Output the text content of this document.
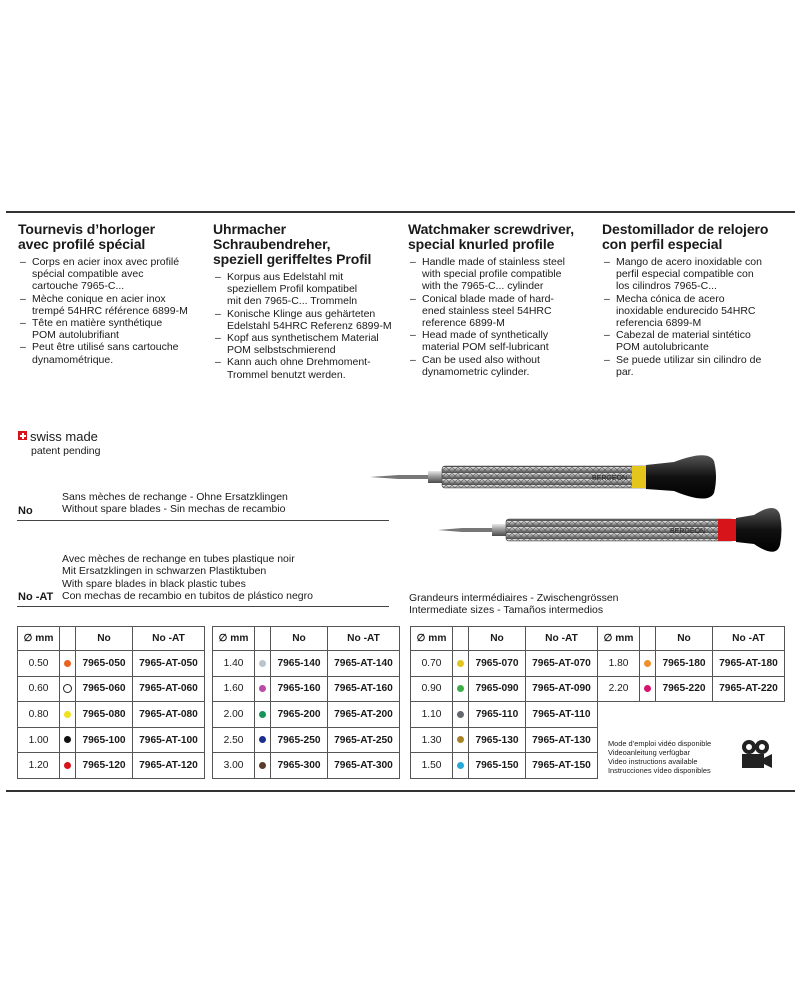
Tournevis d’horloger
avec profilé spécial
– Corps en acier inox avec profilé
spécial compatible avec
cartouche 7965-C...
– Mèche conique en acier inox
trempé 54HRC référence 6899-M
– Tête en matière synthétique
POM autolubrifiant
– Peut être utilisé sans cartouche
dynamométrique.
Uhrmacher
Schraubendreher,
speziell geriffeltes Profil
– Korpus aus Edelstahl mit
speziellem Profil kompatibel
mit den 7965-C... Trommeln
– Konische Klinge aus gehärteten
Edelstahl 54HRC Referenz 6899-M
– Kopf aus synthetischem Material
POM selbstschmierend
– Kann auch ohne Drehmoment-
Trommel benutzt werden.
Watchmaker screwdriver,
special knurled profile
– Handle made of stainless steel
with special profile compatible
with the 7965-C... cylinder
– Conical blade made of hard-
ened stainless steel 54HRC
reference 6899-M
– Head made of synthetically
material POM self-lubricant
– Can be used also without
dynamometric cylinder.
Destomillador de relojero
con perfil especial
– Mango de acero inoxidable con
perfil especial compatible con
los cilindros 7965-C...
– Mecha cónica de acero
inoxidable endurecido 54HRC
referencia 6899-M
– Cabezal de material sintético
POM autolubricante
– Se puede utilizar sin cilindro de
par.
swiss made
patent pending
Sans mèches de rechange - Ohne Ersatzklingen
Without spare blades - Sin mechas de recambio
No
Avec mèches de rechange en tubes plastique noir
Mit Ersatzklingen in schwarzen Plastiktuben
With spare blades in black plastic tubes
Con mechas de recambio en tubitos de plástico negro
No -AT	Grandeurs intermédiaires - Zwischengrössen
Intermediate sizes - Tamaños intermedios
BERGEON
BERGEON
∅ mm		No	No -AT
0.50		7965-050	7965-AT-050
0.60		7965-060	7965-AT-060
0.80		7965-080	7965-AT-080
1.00		7965-100	7965-AT-100
1.20		7965-120	7965-AT-120
∅ mm		No	No -AT
1.40		7965-140	7965-AT-140
1.60		7965-160	7965-AT-160
2.00		7965-200	7965-AT-200
2.50		7965-250	7965-AT-250
3.00		7965-300	7965-AT-300
∅ mm		No	No -AT
0.70		7965-070	7965-AT-070
0.90		7965-090	7965-AT-090
1.10		7965-110	7965-AT-110
1.30		7965-130	7965-AT-130
1.50		7965-150	7965-AT-150
∅ mm		No	No -AT
1.80		7965-180	7965-AT-180
2.20		7965-220	7965-AT-220
Mode d’emploi vidéo disponible
Videoanleitung verfügbar
Video instructions available
Instrucciones vídeo disponibles
